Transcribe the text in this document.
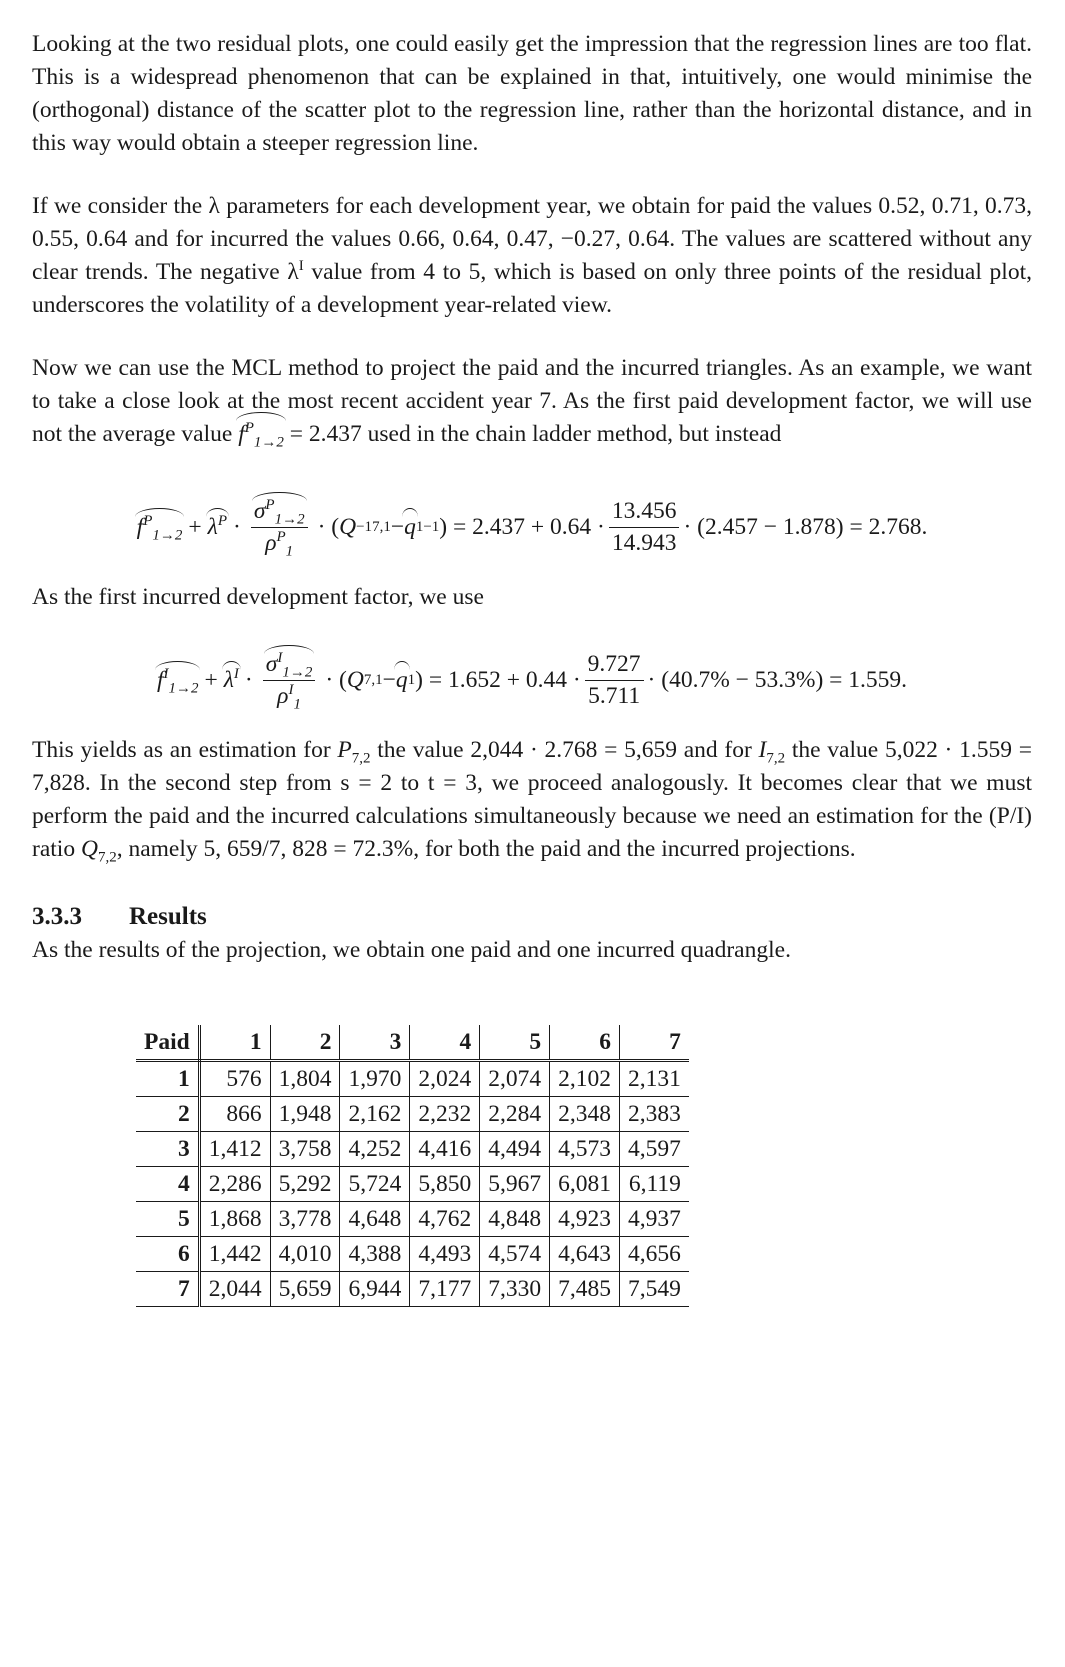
Looking at the two residual plots, one could easily get the impression that the regression lines are too flat. This is a widespread phenomenon that can be explained in that, intuitively, one would minimise the (orthogonal) distance of the scatter plot to the regression line, rather than the horizontal distance, and in this way would obtain a steeper regression line.

If we consider the λ parameters for each development year, we obtain for paid the values 0.52, 0.71, 0.73, 0.55, 0.64 and for incurred the values 0.66, 0.64, 0.47, −0.27, 0.64. The values are scattered without any clear trends. The negative $\lambda^I$ value from 4 to 5, which is based on only three points of the residual plot, underscores the volatility of a development year-related view.

Now we can use the MCL method to project the paid and the incurred triangles. As an example, we want to take a close look at the most recent accident year 7. As the first paid development factor, we will use not the average value $f^P_{1\to 2} = 2.437$ used in the chain ladder method, but instead

$f^P_{1\to 2} + \lambda^P \cdot \frac{\sigma^P_{1\to 2}}{\rho^P_1}$ · ( Q −1 7,1 − q 1 −1 ) = $2.437 + 0.64 \cdot \frac{13.456}{14.943} \cdot (2.457 - 1.878) = 2.768$.

As the first incurred development factor, we use

$f^I_{1\to 2} + \lambda^I \cdot \frac{\sigma^I_{1\to 2}}{\rho^I_1}$ · ( Q 7,1 − q 1 ) = $1.652 + 0.44 \cdot \frac{9.727}{5.711} \cdot (40.7\% - 53.3\%) = 1.559$.

This yields as an estimation for $P_{7,2}$ the value 2,044 · 2.768 = 5,659 and for $I_{7,2}$ the value 5,022 · 1.559 = 7,828. In the second step from s = 2 to t = 3, we proceed analogously. It becomes clear that we must perform the paid and the incurred calculations simultaneously because we need an estimation for the (P/I) ratio $Q_{7,2}$, namely 5, 659/7, 828 = 72.3%, for both the paid and the incurred projections.

3.3.3 Results

As the results of the projection, we obtain one paid and one incurred quadrangle.

Paid	1	2	3	4	5	6	7
1	576	1,804	1,970	2,024	2,074	2,102	2,131
2	866	1,948	2,162	2,232	2,284	2,348	2,383
3	1,412	3,758	4,252	4,416	4,494	4,573	4,597
4	2,286	5,292	5,724	5,850	5,967	6,081	6,119
5	1,868	3,778	4,648	4,762	4,848	4,923	4,937
6	1,442	4,010	4,388	4,493	4,574	4,643	4,656
7	2,044	5,659	6,944	7,177	7,330	7,485	7,549
